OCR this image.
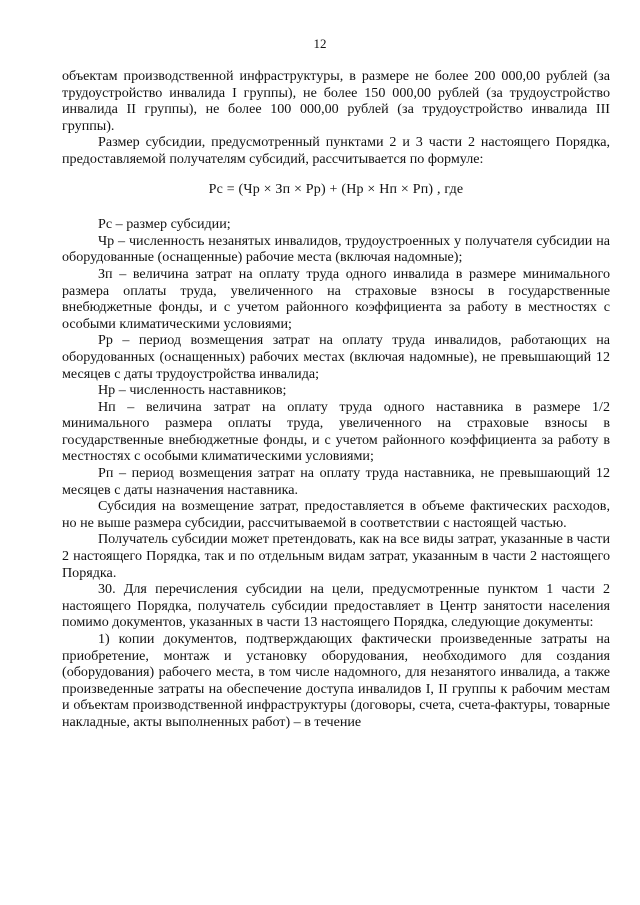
12

объектам производственной инфраструктуры, в размере не более 200 000,00 рублей (за трудоустройство инвалида I группы), не более 150 000,00 рублей (за трудоустройство инвалида II группы), не более 100 000,00 рублей (за трудоустройство инвалида III группы).

Размер субсидии, предусмотренный пунктами 2 и 3 части 2 настоящего Порядка, предоставляемой получателям субсидий, рассчитывается по формуле:

Pс = (Чр × Зп × Рр) + (Нр × Нп × Рп) , где

Рс – размер субсидии;

Чр – численность незанятых инвалидов, трудоустроенных у получателя субсидии на оборудованные (оснащенные) рабочие места (включая надомные);

Зп – величина затрат на оплату труда одного инвалида в размере минимального размера оплаты труда, увеличенного на страховые взносы в государственные внебюджетные фонды, и с учетом районного коэффициента за работу в местностях с особыми климатическими условиями;

Рр – период возмещения затрат на оплату труда инвалидов, работающих на оборудованных (оснащенных) рабочих местах (включая надомные), не превышающий 12 месяцев с даты трудоустройства инвалида;

Нр – численность наставников;

Нп – величина затрат на оплату труда одного наставника в размере 1/2 минимального размера оплаты труда, увеличенного на страховые взносы в государственные внебюджетные фонды, и с учетом районного коэффициента за работу в местностях с особыми климатическими условиями;

Рп – период возмещения затрат на оплату труда наставника, не превышающий 12 месяцев с даты назначения наставника.

Субсидия на возмещение затрат, предоставляется в объеме фактических расходов, но не выше размера субсидии, рассчитываемой в соответствии с настоящей частью.

Получатель субсидии может претендовать, как на все виды затрат, указанные в части 2 настоящего Порядка, так и по отдельным видам затрат, указанным в части 2 настоящего Порядка.

30. Для перечисления субсидии на цели, предусмотренные пунктом 1 части 2 настоящего Порядка, получатель субсидии предоставляет в Центр занятости населения помимо документов, указанных в части 13 настоящего Порядка, следующие документы:

1) копии документов, подтверждающих фактически произведенные затраты на приобретение, монтаж и установку оборудования, необходимого для создания (оборудования) рабочего места, в том числе надомного, для незанятого инвалида, а также произведенные затраты на обеспечение доступа инвалидов I, II группы к рабочим местам и объектам производственной инфраструктуры (договоры, счета, счета-фактуры, товарные накладные, акты выполненных работ) – в течение
